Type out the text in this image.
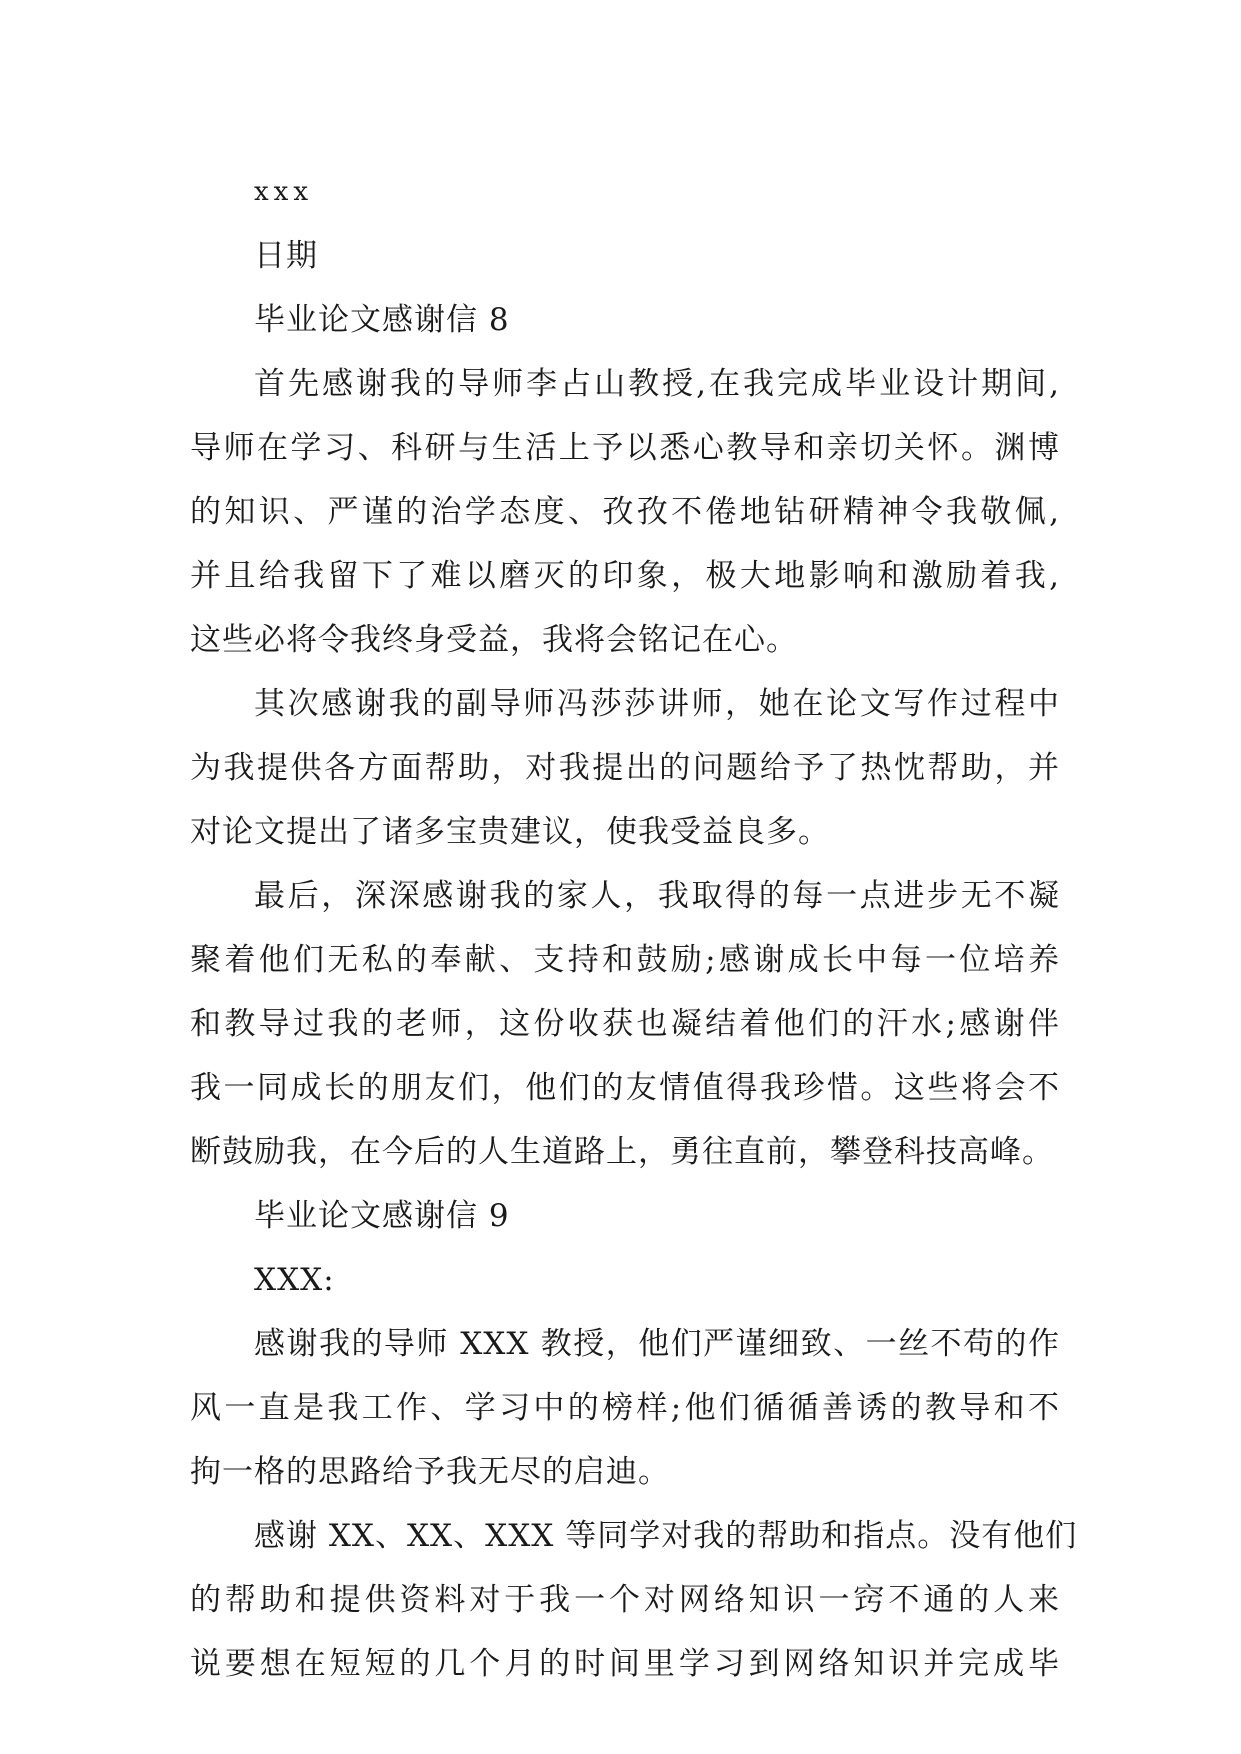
xxx
日期
毕业论文感谢信 8
首先感谢我的导师李占山教授,在我完成毕业设计期间,
导师在学习、科研与生活上予以悉心教导和亲切关怀。渊博
的知识、严谨的治学态度、孜孜不倦地钻研精神令我敬佩,
并且给我留下了难以磨灭的印象，极大地影响和激励着我,
这些必将令我终身受益，我将会铭记在心。
其次感谢我的副导师冯莎莎讲师，她在论文写作过程中
为我提供各方面帮助，对我提出的问题给予了热忱帮助，并
对论文提出了诸多宝贵建议，使我受益良多。
最后，深深感谢我的家人，我取得的每一点进步无不凝
聚着他们无私的奉献、支持和鼓励;感谢成长中每一位培养
和教导过我的老师，这份收获也凝结着他们的汗水;感谢伴
我一同成长的朋友们，他们的友情值得我珍惜。这些将会不
断鼓励我，在今后的人生道路上，勇往直前，攀登科技高峰。
毕业论文感谢信 9
XXX:
感谢我的导师 XXX 教授，他们严谨细致、一丝不苟的作
风一直是我工作、学习中的榜样;他们循循善诱的教导和不
拘一格的思路给予我无尽的启迪。
感谢 XX、XX、XXX 等同学对我的帮助和指点。没有他们
的帮助和提供资料对于我一个对网络知识一窍不通的人来
说要想在短短的几个月的时间里学习到网络知识并完成毕
